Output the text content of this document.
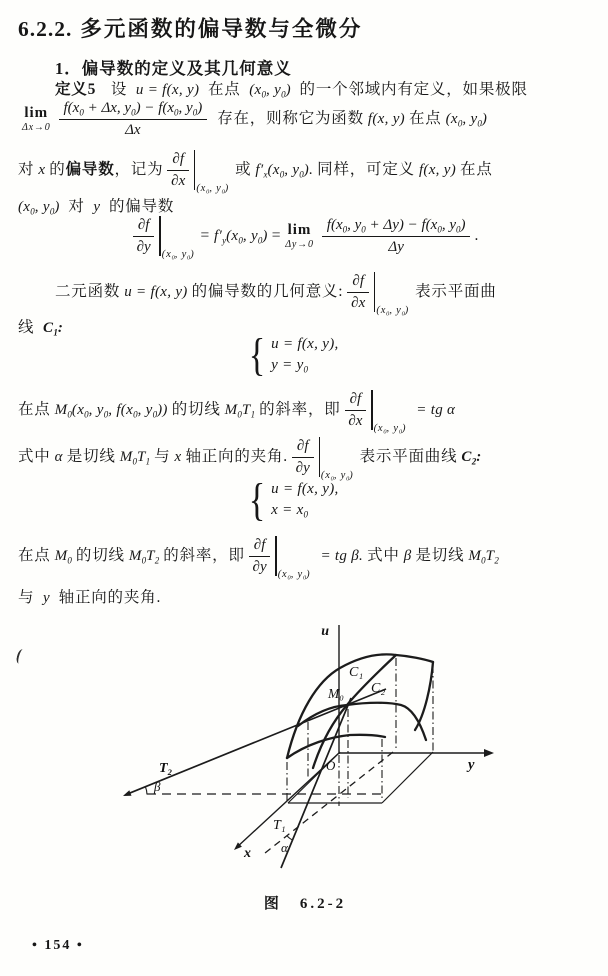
6.2.2. 多元函数的偏导数与全微分
1．偏导数的定义及其几何意义
定义5 设 u = f(x, y) 在点 ($x_0$, $y_0$) 的一个邻域内有定义，如果极限
lim
$\Delta x\to 0 \frac{f(x_0 + \Delta x, y_0) - f(x_0, y_0)}{\Delta x}$ 存在，则称它为函数 f(x, y) 在点 ($x_0$, $y_0$)
对 x 的 偏导数 ，记为 $\frac{\partial f}{\partial x} (x_0$, $y_0$)
或 $f'_x(x_0$, $y_0$). 同样，可定义 f(x, y) 在点
($x_0$, $y_0$) 对 y 的偏导数
$\frac{\partial f}{\partial y} (x_0$, $y_0$)
= $f'_y(x_0$, $y_0) = \lim$
$\Delta y\to 0 \frac{f(x_0, y_0 + \Delta y) - f(x_0, y_0)}{\Delta y}$ .
二元函数 u = f(x, y) 的偏导数的几何意义: $\frac{\partial f}{\partial x} (x_0$, $y_0$)
表示平面曲
线 $C_1$:
{ u = f(x, y),
$y = y_0$
在点 $M_0(x_0$, $y_0$, $f(x_0$, $y_0$)) 的切线 $M_0T_1$ 的斜率，即 $\frac{\partial f}{\partial x} (x_0$, $y_0$)
= tg α
式中 α 是切线 $M_0T_1$ 与 x 轴正向的夹角. $\frac{\partial f}{\partial y} (x_0$, $y_0$)
表示平面曲线 $C_2$:
{ u = f(x, y),
$x = x_0$
在点 $M_0$ 的切线 $M_0T_2$ 的斜率，即 $\frac{\partial f}{\partial y} (x_0$, $y_0$)
= tg β. 式中 β 是切线 $M_0T_2$
与 y 轴正向的夹角.
u
y
x
O
C₁
C₂
M₀
T₂
T₁
α
β
图　6.2-2
• 154 •
